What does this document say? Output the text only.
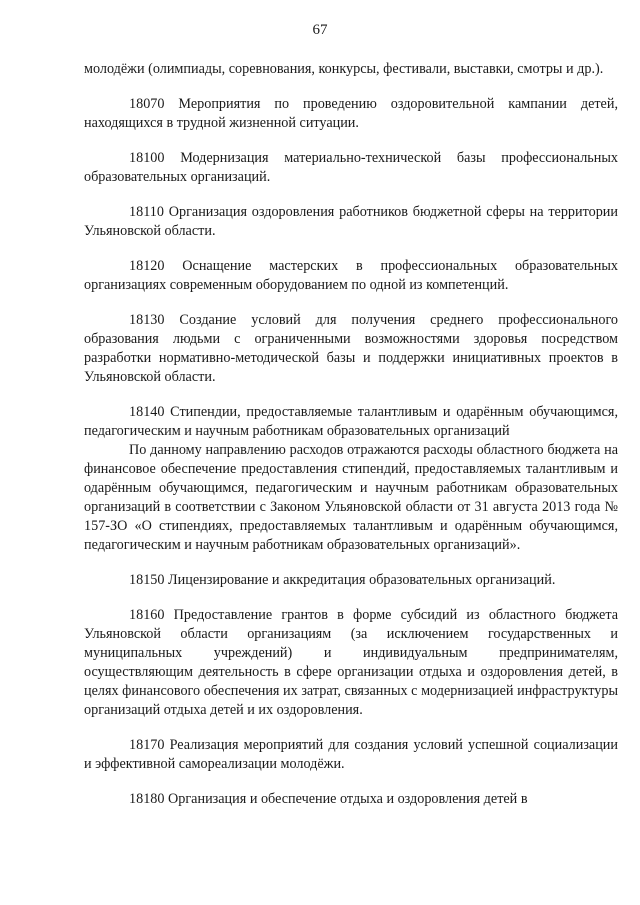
67

молодёжи (олимпиады, соревнования, конкурсы, фестивали, выставки, смотры и др.).

18070 Мероприятия по проведению оздоровительной кампании детей, находящихся в трудной жизненной ситуации.

18100 Модернизация материально-технической базы профессиональных образовательных организаций.

18110 Организация оздоровления работников бюджетной сферы на территории Ульяновской области.

18120 Оснащение мастерских в профессиональных образовательных организациях современным оборудованием по одной из компетенций.

18130 Создание условий для получения среднего профессионального образования людьми с ограниченными возможностями здоровья посредством разработки нормативно-методической базы и поддержки инициативных проектов в Ульяновской области.

18140 Стипендии, предоставляемые талантливым и одарённым обучающимся, педагогическим и научным работникам образовательных организаций

По данному направлению расходов отражаются расходы областного бюджета на финансовое обеспечение предоставления стипендий, предоставляемых талантливым и одарённым обучающимся, педагогическим и научным работникам образовательных организаций в соответствии с Законом Ульяновской области от 31 августа 2013 года № 157-ЗО «О стипендиях, предоставляемых талантливым и одарённым обучающимся, педагогическим и научным работникам образовательных организаций».

18150 Лицензирование и аккредитация образовательных организаций.

18160 Предоставление грантов в форме субсидий из областного бюджета Ульяновской области организациям (за исключением государственных и муниципальных учреждений) и индивидуальным предпринимателям, осуществляющим деятельность в сфере организации отдыха и оздоровления детей, в целях финансового обеспечения их затрат, связанных с модернизацией инфраструктуры организаций отдыха детей и их оздоровления.

18170 Реализация мероприятий для создания условий успешной социализации и эффективной самореализации молодёжи.

18180 Организация и обеспечение отдыха и оздоровления детей в
